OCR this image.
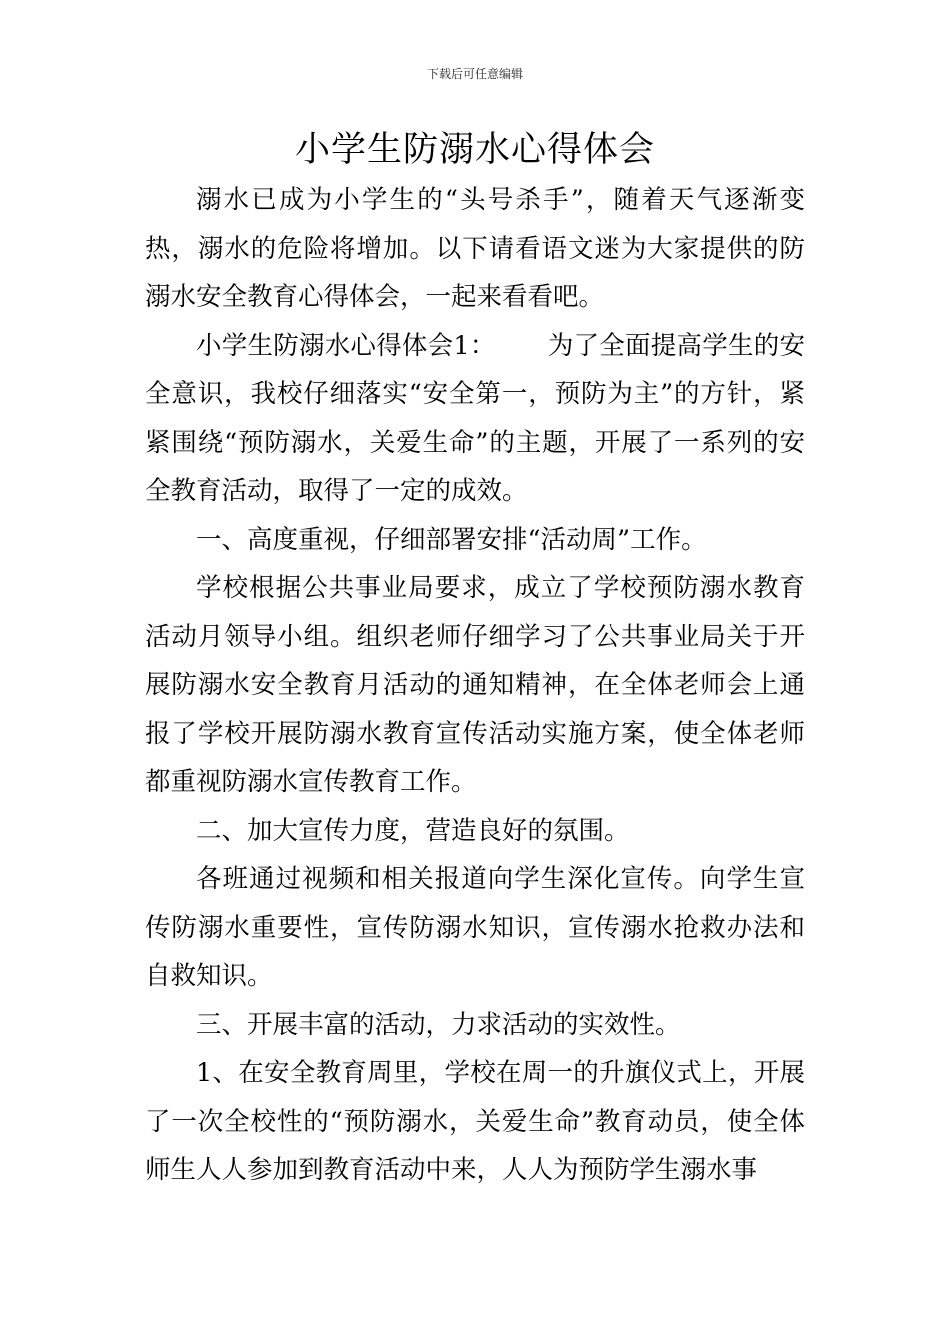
下载后可任意编辑
小学生防溺水心得体会

溺水已成为小学生的“头号杀手”，随着天气逐渐变热，溺水的危险将增加。以下请看语文迷为大家提供的防溺水安全教育心得体会，一起来看看吧。

小学生防溺水心得体会1： 为了全面提高学生的安全意识，我校仔细落实“安全第一，预防为主”的方针，紧紧围绕“预防溺水，关爱生命”的主题，开展了一系列的安全教育活动，取得了一定的成效。

一、高度重视，仔细部署安排“活动周”工作。

学校根据公共事业局要求，成立了学校预防溺水教育活动月领导小组。组织老师仔细学习了公共事业局关于开展防溺水安全教育月活动的通知精神，在全体老师会上通报了学校开展防溺水教育宣传活动实施方案，使全体老师都重视防溺水宣传教育工作。

二、加大宣传力度，营造良好的氛围。

各班通过视频和相关报道向学生深化宣传。向学生宣传防溺水重要性，宣传防溺水知识，宣传溺水抢救办法和自救知识。

三、开展丰富的活动，力求活动的实效性。

1、在安全教育周里，学校在周一的升旗仪式上，开展了一次全校性的“预防溺水，关爱生命”教育动员，使全体师生人人参加到教育活动中来，人人为预防学生溺水事
